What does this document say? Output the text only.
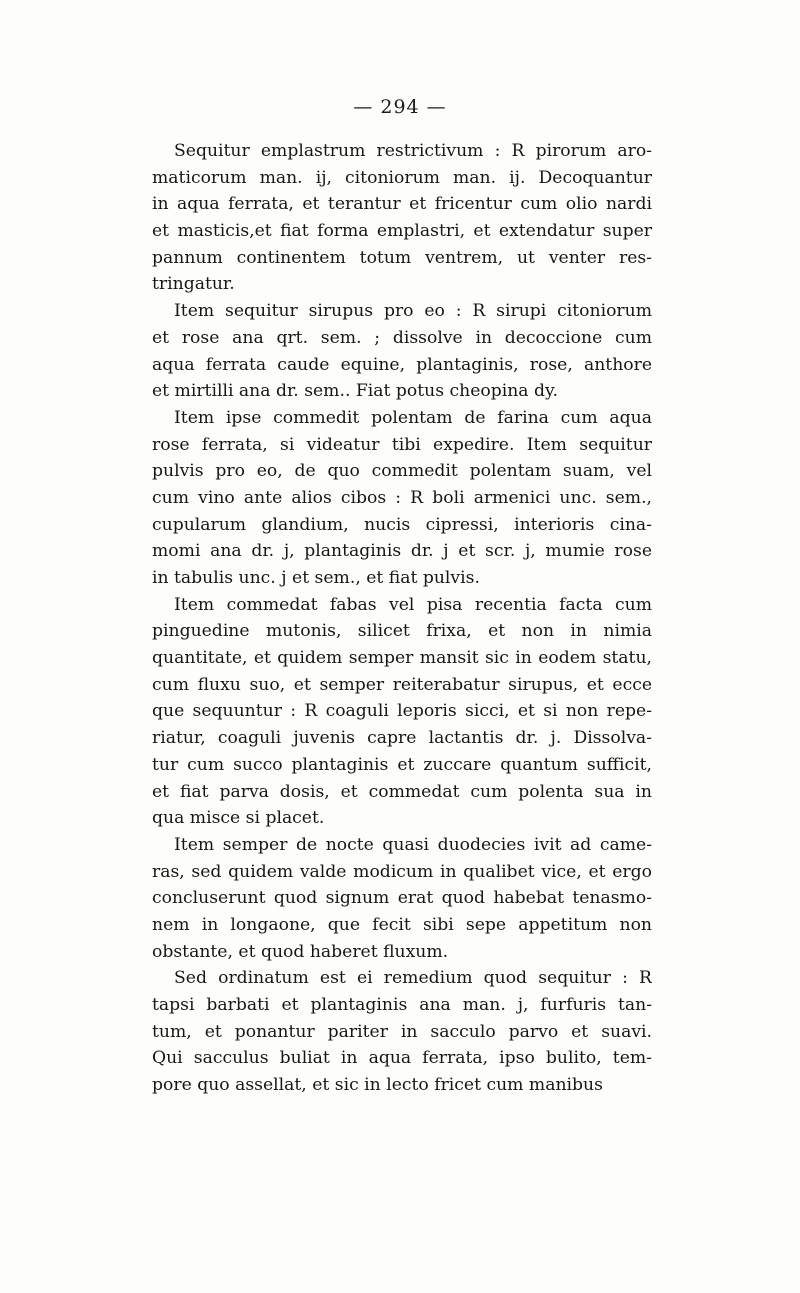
— 294 —
Sequitur emplastrum restrictivum : R pirorum aro-
maticorum man. ij, citoniorum man. ij. Decoquantur
in aqua ferrata, et terantur et fricentur cum olio nardi
et masticis,et fiat forma emplastri, et extendatur super
pannum continentem totum ventrem, ut venter res-
tringatur.
Item sequitur sirupus pro eo : R sirupi citoniorum
et rose ana qrt. sem. ; dissolve in decoccione cum
aqua ferrata caude equine, plantaginis, rose, anthore
et mirtilli ana dr. sem.. Fiat potus cheopina dy.
Item ipse commedit polentam de farina cum aqua
rose ferrata, si videatur tibi expedire. Item sequitur
pulvis pro eo, de quo commedit polentam suam, vel
cum vino ante alios cibos : R boli armenici unc. sem.,
cupularum glandium, nucis cipressi, interioris cina-
momi ana dr. j, plantaginis dr. j et scr. j, mumie rose
in tabulis unc. j et sem., et fiat pulvis.
Item commedat fabas vel pisa recentia facta cum
pinguedine mutonis, silicet frixa, et non in nimia
quantitate, et quidem semper mansit sic in eodem statu,
cum fluxu suo, et semper reiterabatur sirupus, et ecce
que sequuntur : R coaguli leporis sicci, et si non repe-
riatur, coaguli juvenis capre lactantis dr. j. Dissolva-
tur cum succo plantaginis et zuccare quantum sufficit,
et fiat parva dosis, et commedat cum polenta sua in
qua misce si placet.
Item semper de nocte quasi duodecies ivit ad came-
ras, sed quidem valde modicum in qualibet vice, et ergo
concluserunt quod signum erat quod habebat tenasmo-
nem in longaone, que fecit sibi sepe appetitum non
obstante, et quod haberet fluxum.
Sed ordinatum est ei remedium quod sequitur : R
tapsi barbati et plantaginis ana man. j, furfuris tan-
tum, et ponantur pariter in sacculo parvo et suavi.
Qui sacculus buliat in aqua ferrata, ipso bulito, tem-
pore quo assellat, et sic in lecto fricet cum manibus
